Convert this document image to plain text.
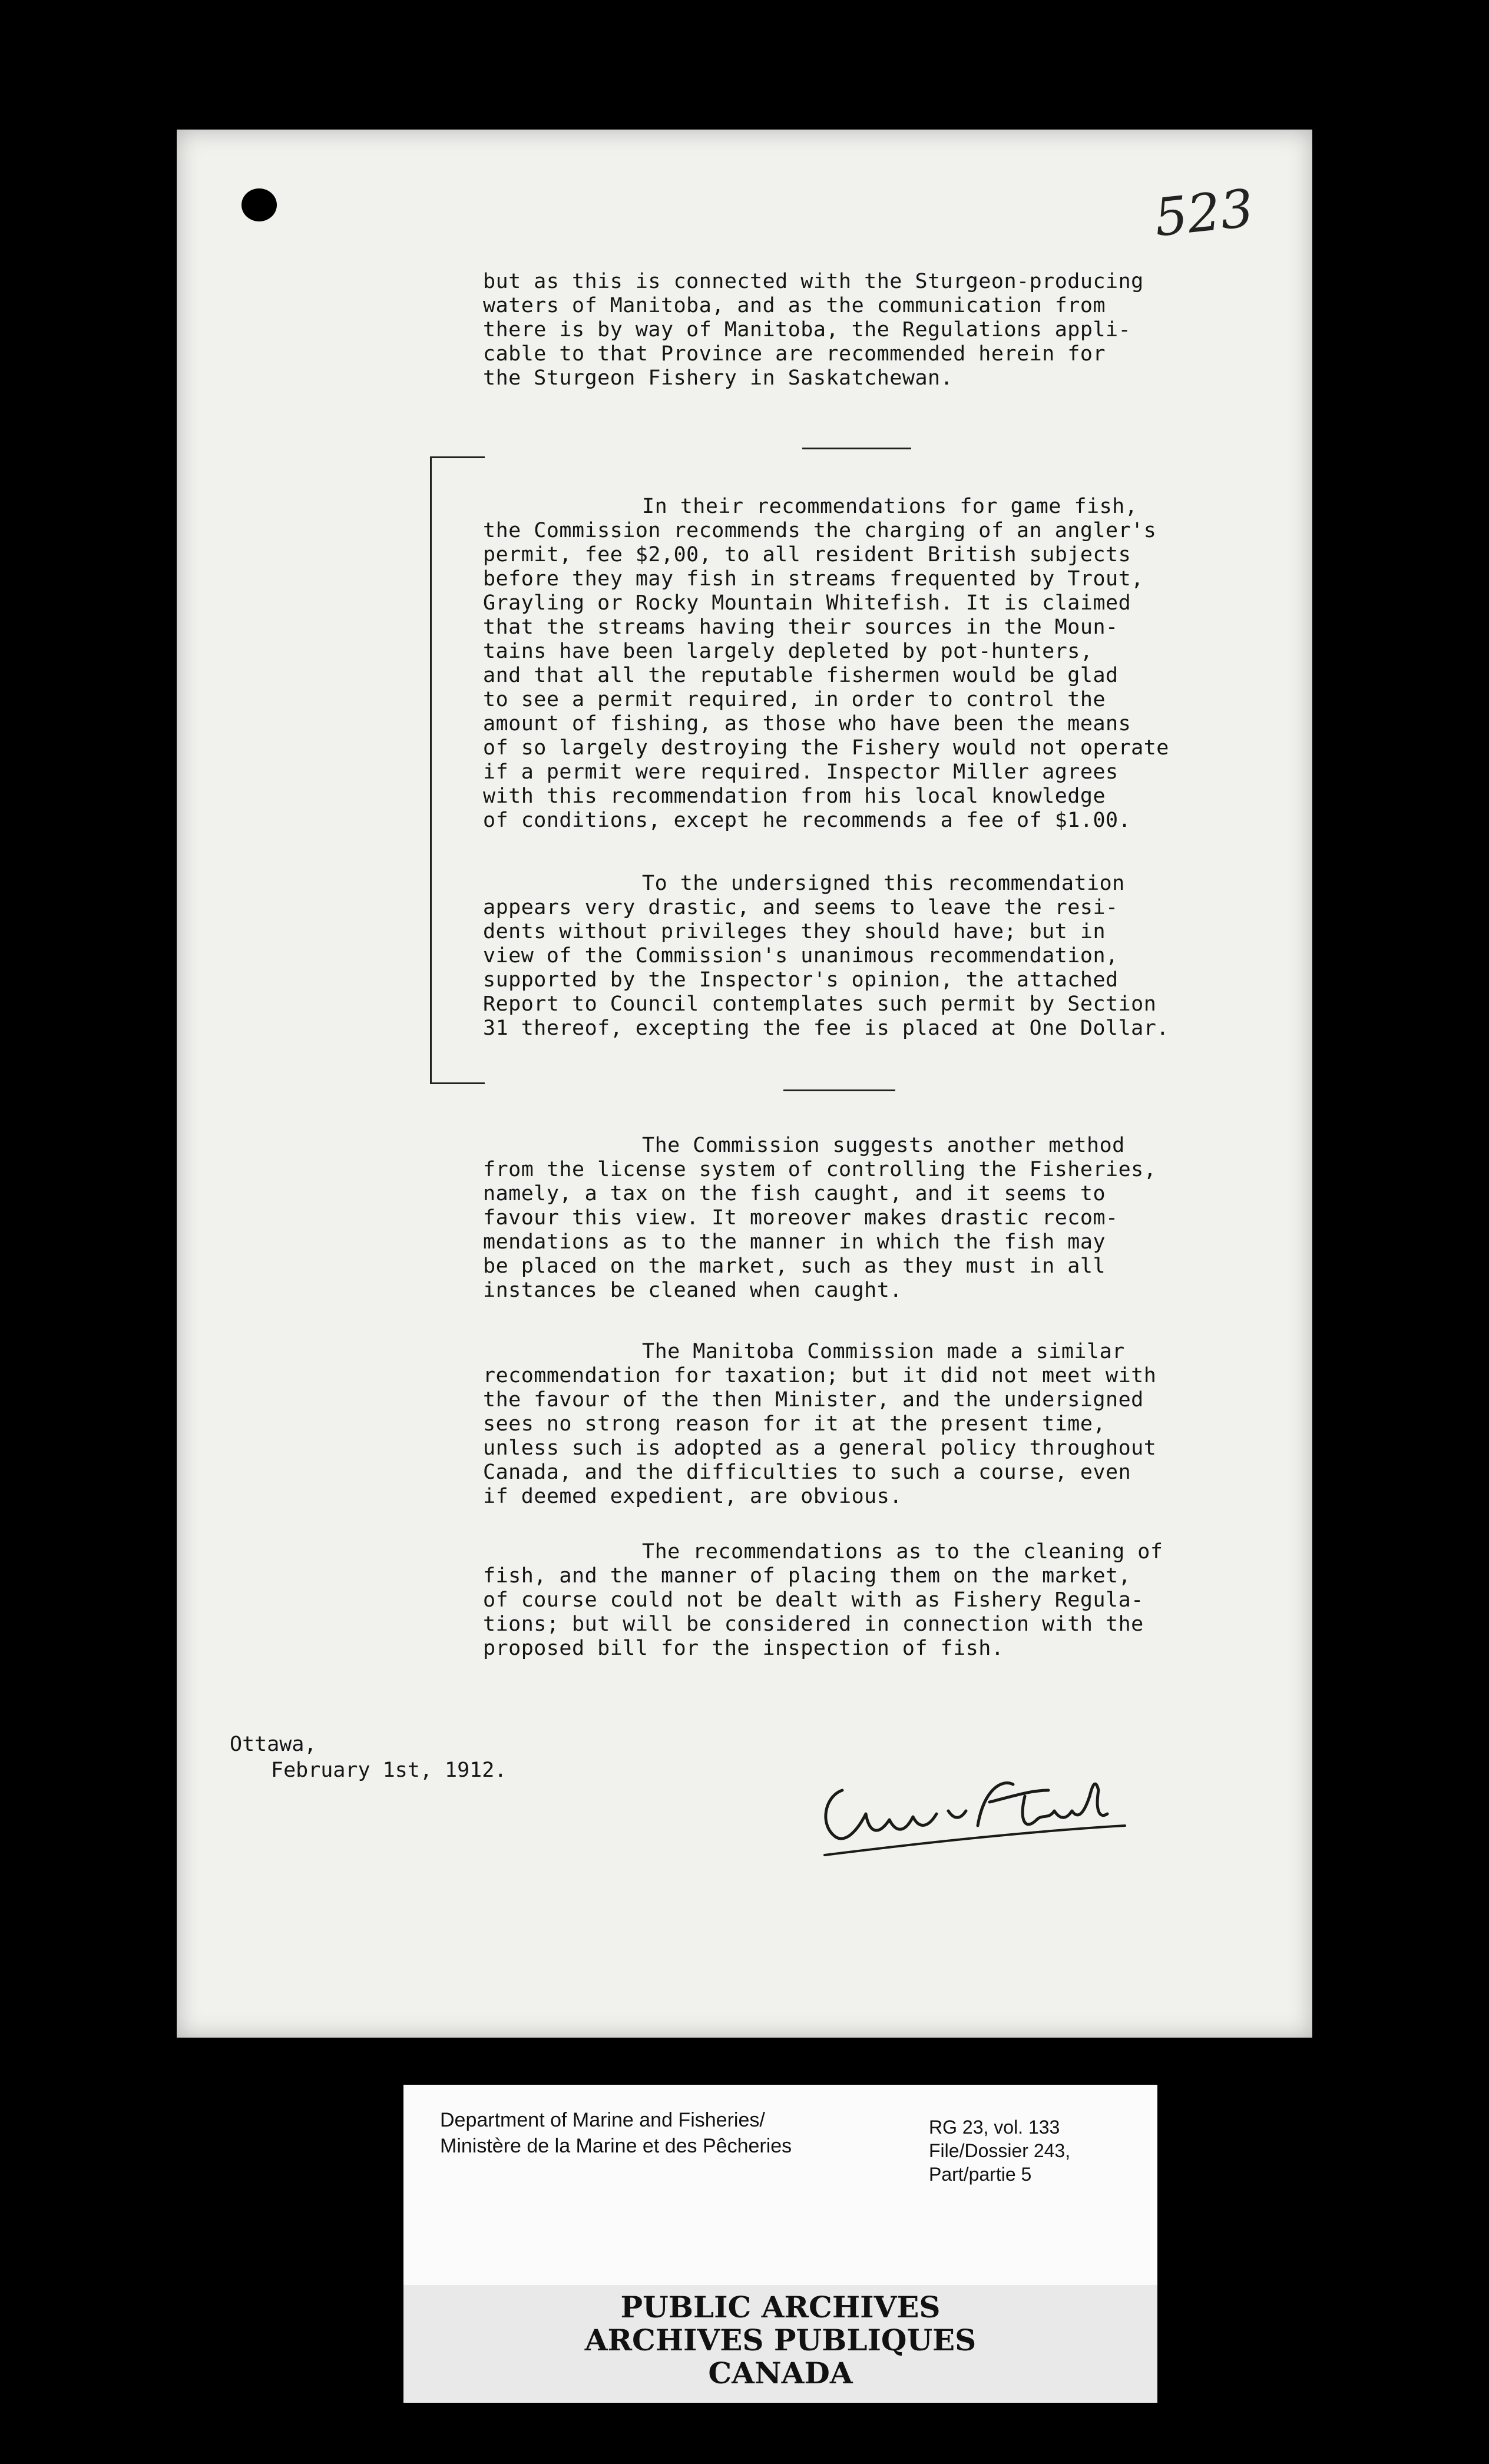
523

but as this is connected with the Sturgeon-producing

waters of Manitoba, and as the communication from

there is by way of Manitoba, the Regulations appli-

cable to that Province are recommended herein for

the Sturgeon Fishery in Saskatchewan.

In their recommendations for game fish,

the Commission recommends the charging of an angler's

permit, fee $2,00, to all resident British subjects

before they may fish in streams frequented by Trout,

Grayling or Rocky Mountain Whitefish. It is claimed

that the streams having their sources in the Moun-

tains have been largely depleted by pot-hunters,

and that all the reputable fishermen would be glad

to see a permit required, in order to control the

amount of fishing, as those who have been the means

of so largely destroying the Fishery would not operate

if a permit were required. Inspector Miller agrees

with this recommendation from his local knowledge

of conditions, except he recommends a fee of $1.00.

To the undersigned this recommendation

appears very drastic, and seems to leave the resi-

dents without privileges they should have; but in

view of the Commission's unanimous recommendation,

supported by the Inspector's opinion, the attached

Report to Council contemplates such permit by Section

31 thereof, excepting the fee is placed at One Dollar.

The Commission suggests another method

from the license system of controlling the Fisheries,

namely, a tax on the fish caught, and it seems to

favour this view. It moreover makes drastic recom-

mendations as to the manner in which the fish may

be placed on the market, such as they must in all

instances be cleaned when caught.

The Manitoba Commission made a similar

recommendation for taxation; but it did not meet with

the favour of the then Minister, and the undersigned

sees no strong reason for it at the present time,

unless such is adopted as a general policy throughout

Canada, and the difficulties to such a course, even

if deemed expedient, are obvious.

The recommendations as to the cleaning of

fish, and the manner of placing them on the market,

of course could not be dealt with as Fishery Regula-

tions; but will be considered in connection with the

proposed bill for the inspection of fish.

Ottawa,
February 1st, 1912.
Department of Marine and Fisheries/
Ministère de la Marine et des Pêcheries
RG 23, vol. 133
File/Dossier 243,
Part/partie 5
PUBLIC ARCHIVES
ARCHIVES PUBLIQUES
CANADA
